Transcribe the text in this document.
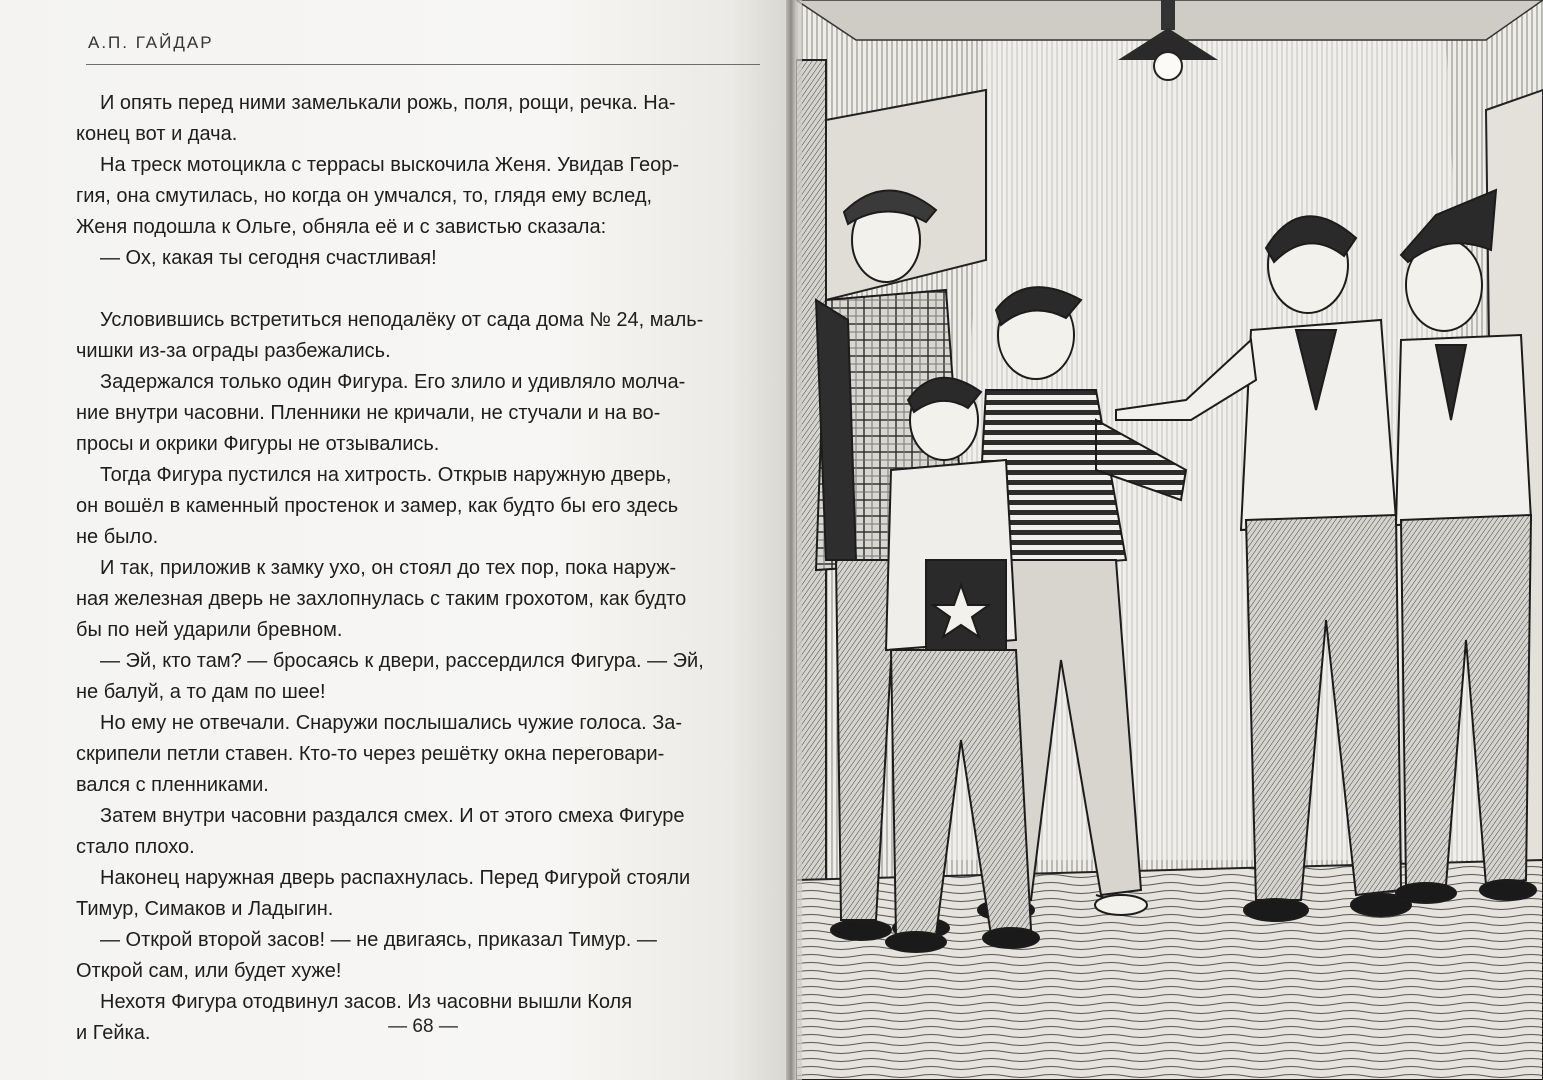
А.П. ГАЙДАР

И опять перед ними замелькали рожь, поля, рощи, речка. На-
конец вот и дача.

На треск мотоцикла с террасы выскочила Женя. Увидав Геор-
гия, она смутилась, но когда он умчался, то, глядя ему вслед,
Женя подошла к Ольге, обняла её и с завистью сказала:

— Ох, какая ты сегодня счастливая!

Условившись встретиться неподалёку от сада дома № 24, маль-
чишки из-за ограды разбежались.

Задержался только один Фигура. Его злило и удивляло молча-
ние внутри часовни. Пленники не кричали, не стучали и на во-
просы и окрики Фигуры не отзывались.

Тогда Фигура пустился на хитрость. Открыв наружную дверь,
он вошёл в каменный простенок и замер, как будто бы его здесь
не было.

И так, приложив к замку ухо, он стоял до тех пор, пока наруж-
ная железная дверь не захлопнулась с таким грохотом, как будто
бы по ней ударили бревном.

— Эй, кто там? — бросаясь к двери, рассердился Фигура. — Эй,
не балуй, а то дам по шее!

Но ему не отвечали. Снаружи послышались чужие голоса. За-
скрипели петли ставен. Кто-то через решётку окна переговари-
вался с пленниками.

Затем внутри часовни раздался смех. И от этого смеха Фигуре
стало плохо.

Наконец наружная дверь распахнулась. Перед Фигурой стояли
Тимур, Симаков и Ладыгин.

— Открой второй засов! — не двигаясь, приказал Тимур. —
Открой сам, или будет хуже!

Нехотя Фигура отодвинул засов. Из часовни вышли Коля
и Гейка.	— 68 —
